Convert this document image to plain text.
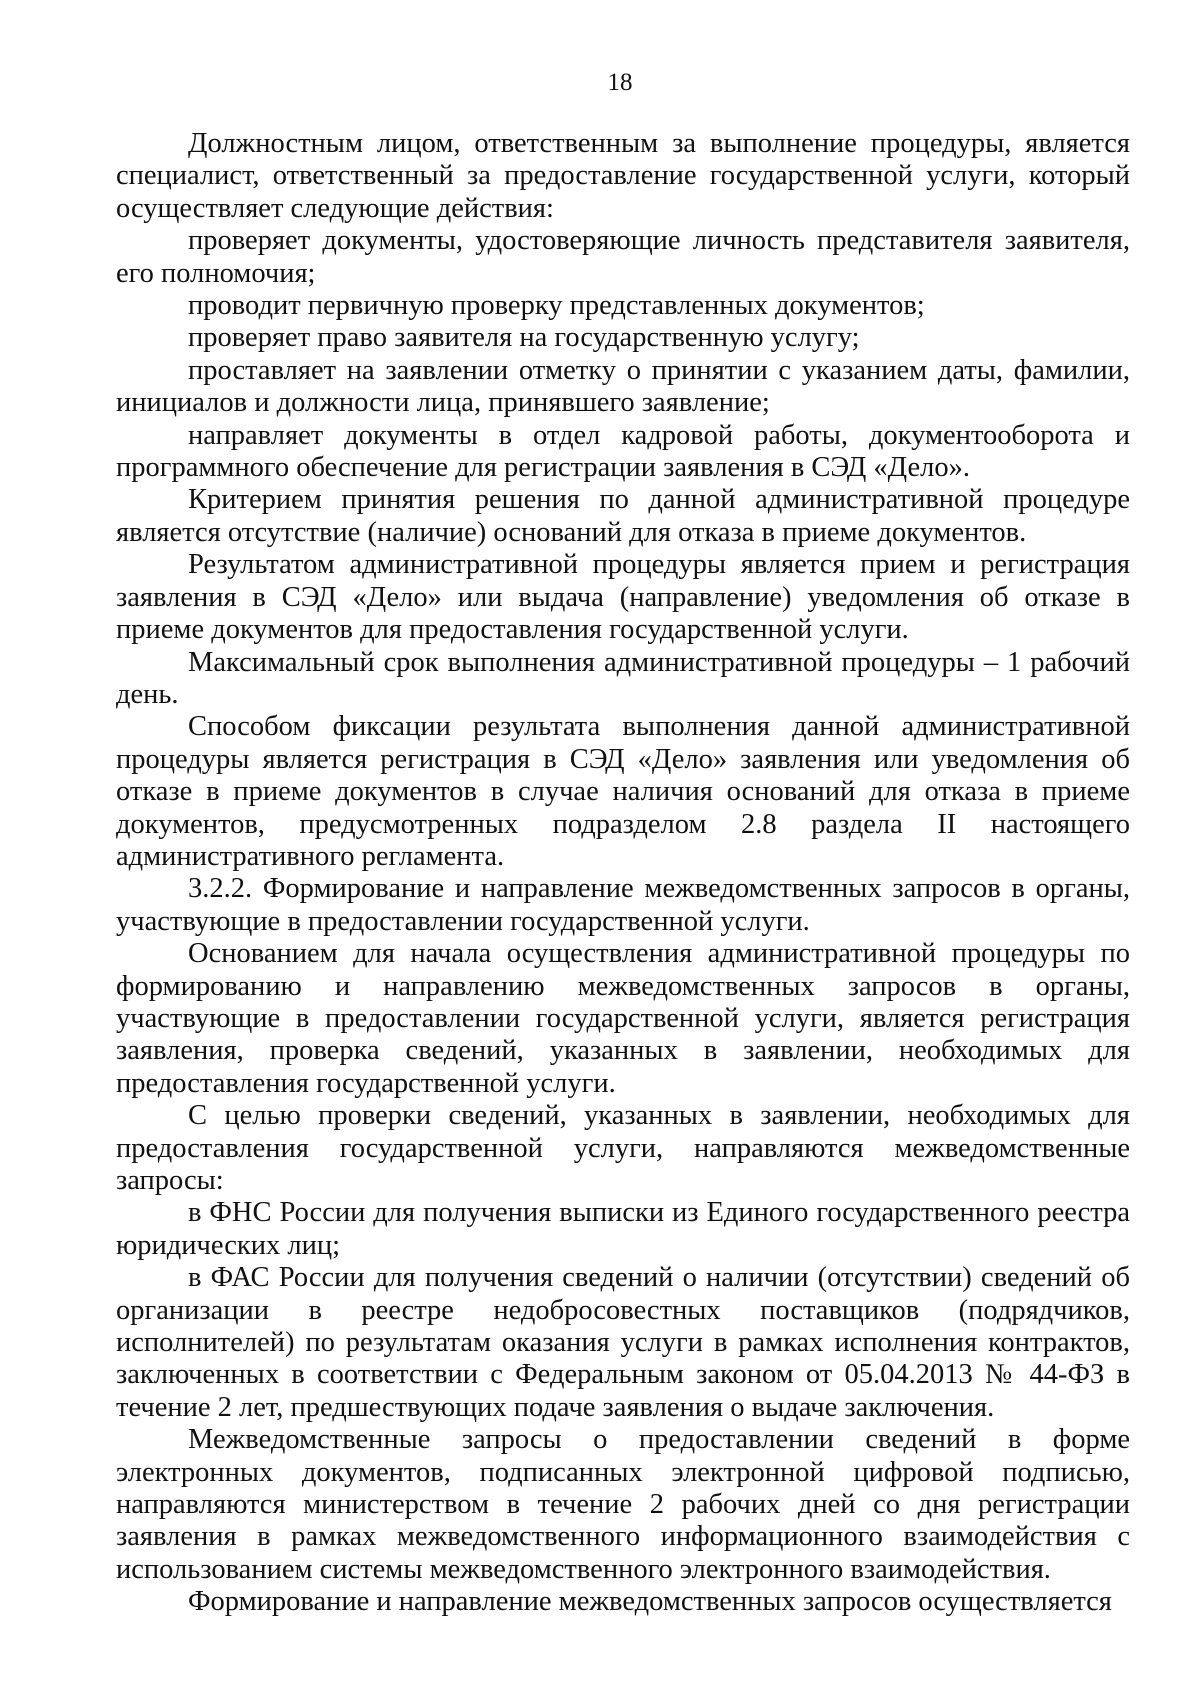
18

Должностным лицом, ответственным за выполнение процедуры, является специалист, ответственный за предоставление государственной услуги, который осуществляет следующие действия:

проверяет документы, удостоверяющие личность представителя заявителя, его полномочия;

проводит первичную проверку представленных документов;

проверяет право заявителя на государственную услугу;

проставляет на заявлении отметку о принятии с указанием даты, фамилии, инициалов и должности лица, принявшего заявление;

направляет документы в отдел кадровой работы, документооборота и программного обеспечение для регистрации заявления в СЭД «Дело».

Критерием принятия решения по данной административной процедуре является отсутствие (наличие) оснований для отказа в приеме документов.

Результатом административной процедуры является прием и регистрация заявления в СЭД «Дело» или выдача (направление) уведомления об отказе в приеме документов для предоставления государственной услуги.

Максимальный срок выполнения административной процедуры – 1 рабочий день.

Способом фиксации результата выполнения данной административной процедуры является регистрация в СЭД «Дело» заявления или уведомления об отказе в приеме документов в случае наличия оснований для отказа в приеме документов, предусмотренных подразделом 2.8 раздела II настоящего административного регламента.

3.2.2. Формирование и направление межведомственных запросов в органы, участвующие в предоставлении государственной услуги.

Основанием для начала осуществления административной процедуры по формированию и направлению межведомственных запросов в органы, участвующие в предоставлении государственной услуги, является регистрация заявления, проверка сведений, указанных в заявлении, необходимых для предоставления государственной услуги.

С целью проверки сведений, указанных в заявлении, необходимых для предоставления государственной услуги, направляются межведомственные запросы:

в ФНС России для получения выписки из Единого государственного реестра юридических лиц;

в ФАС России для получения сведений о наличии (отсутствии) сведений об организации в реестре недобросовестных поставщиков (подрядчиков, исполнителей) по результатам оказания услуги в рамках исполнения контрактов, заключенных в соответствии с Федеральным законом от 05.04.2013 № 44-ФЗ в течение 2 лет, предшествующих подаче заявления о выдаче заключения.

Межведомственные запросы о предоставлении сведений в форме электронных документов, подписанных электронной цифровой подписью, направляются министерством в течение 2 рабочих дней со дня регистрации заявления в рамках межведомственного информационного взаимодействия с использованием системы межведомственного электронного взаимодействия.

Формирование и направление межведомственных запросов осуществляется
